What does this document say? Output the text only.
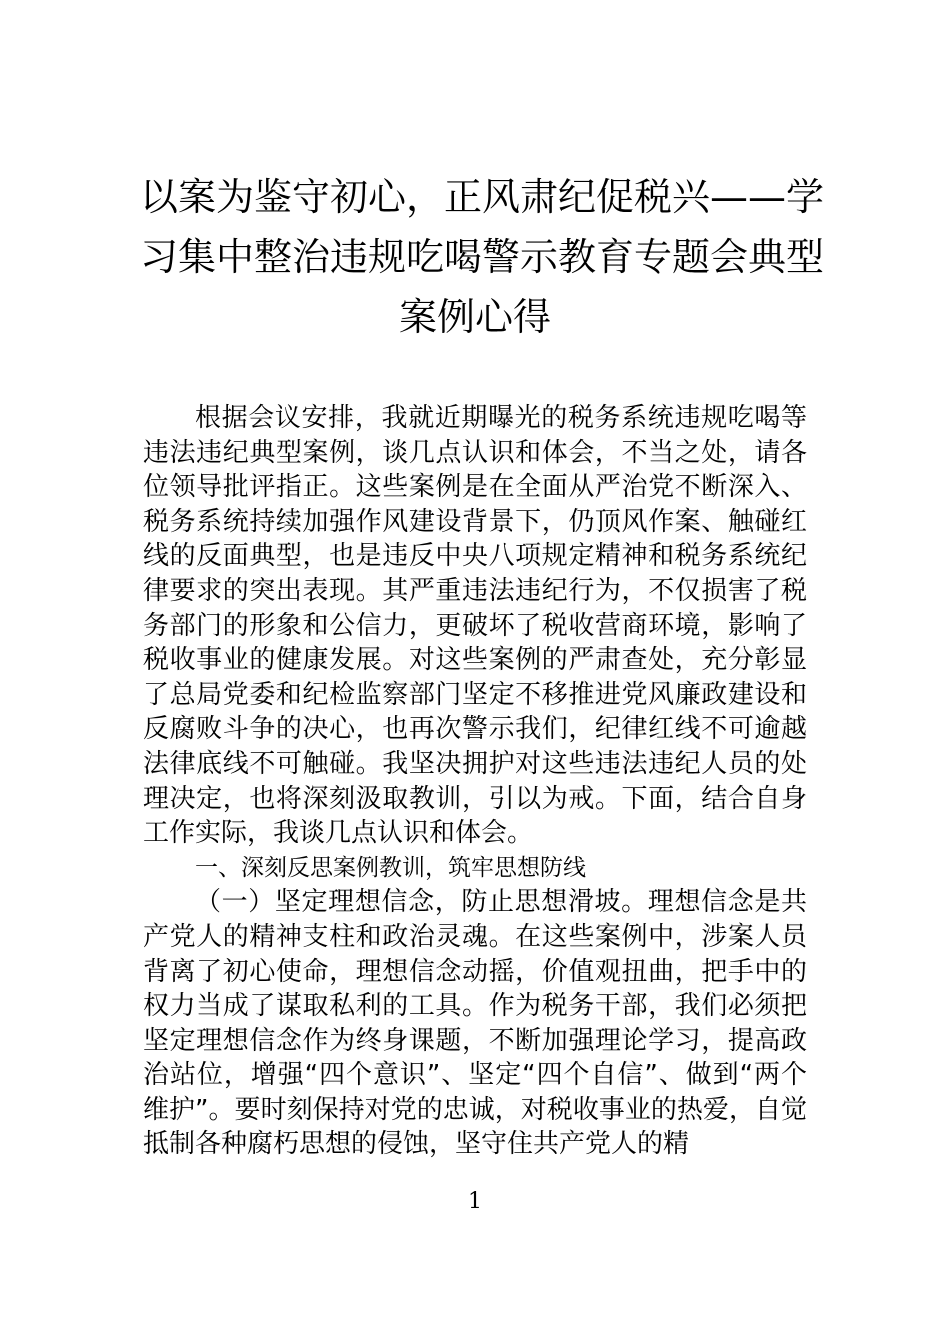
以案为鉴守初心，正风肃纪促税兴——学
习集中整治违规吃喝警示教育专题会典型
案例心得

根据会议安排，我就近期曝光的税务系统违规吃喝等违法违纪典型案例，谈几点认识和体会，不当之处，请各位领导批评指正。这些案例是在全面从严治党不断深入、税务系统持续加强作风建设背景下，仍顶风作案、触碰红线的反面典型，也是违反中央八项规定精神和税务系统纪律要求的突出表现。其严重违法违纪行为，不仅损害了税务部门的形象和公信力，更破坏了税收营商环境，影响了税收事业的健康发展。对这些案例的严肃查处，充分彰显了总局党委和纪检监察部门坚定不移推进党风廉政建设和反腐败斗争的决心，也再次警示我们，纪律红线不可逾越法律底线不可触碰。我坚决拥护对这些违法违纪人员的处理决定，也将深刻汲取教训，引以为戒。下面，结合自身工作实际，我谈几点认识和体会。

一、深刻反思案例教训，筑牢思想防线

（一）坚定理想信念，防止思想滑坡。理想信念是共产党人的精神支柱和政治灵魂。在这些案例中，涉案人员背离了初心使命，理想信念动摇，价值观扭曲，把手中的权力当成了谋取私利的工具。作为税务干部，我们必须把坚定理想信念作为终身课题，不断加强理论学习，提高政治站位，增强“四个意识”、坚定“四个自信”、做到“两个维护”。要时刻保持对党的忠诚，对税收事业的热爱，自觉抵制各种腐朽思想的侵蚀，坚守住共产党人的精

1
